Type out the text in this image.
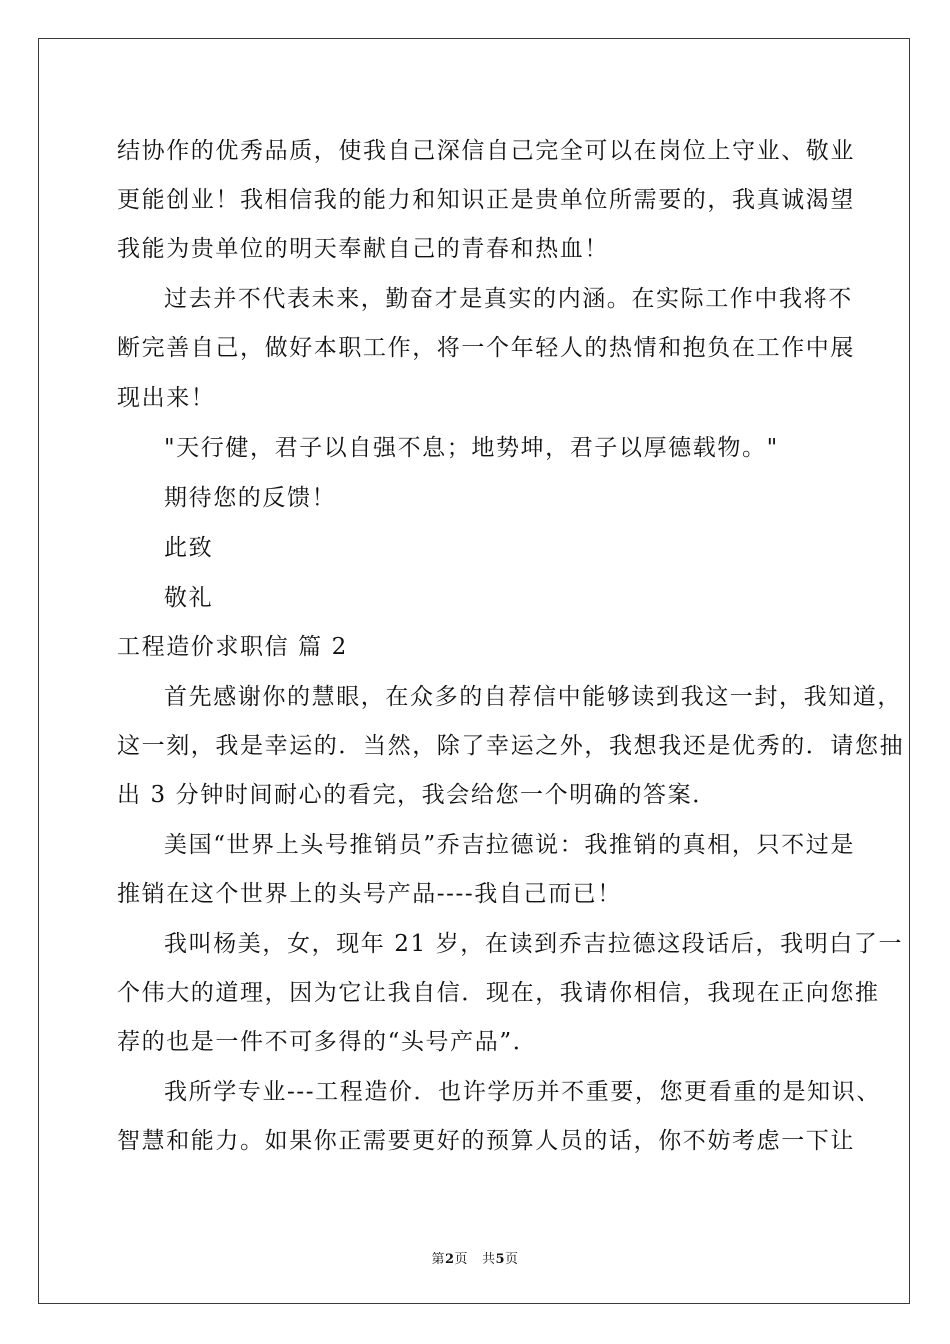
结协作的优秀品质，使我自己深信自己完全可以在岗位上守业、敬业
更能创业！我相信我的能力和知识正是贵单位所需要的，我真诚渴望
我能为贵单位的明天奉献自己的青春和热血！
过去并不代表未来，勤奋才是真实的内涵。在实际工作中我将不
断完善自己，做好本职工作，将一个年轻人的热情和抱负在工作中展
现出来！
"天行健，君子以自强不息；地势坤，君子以厚德载物。"
期待您的反馈！
此致
敬礼
工程造价求职信 篇 2
首先感谢你的慧眼，在众多的自荐信中能够读到我这一封，我知道，
这一刻，我是幸运的．当然，除了幸运之外，我想我还是优秀的．请您抽
出 3 分钟时间耐心的看完，我会给您一个明确的答案．
美国“世界上头号推销员”乔吉拉德说：我推销的真相，只不过是
推销在这个世界上的头号产品----我自己而已！
我叫杨美，女，现年 21 岁，在读到乔吉拉德这段话后，我明白了一
个伟大的道理，因为它让我自信．现在，我请你相信，我现在正向您推
荐的也是一件不可多得的“头号产品”．
我所学专业---工程造价．也许学历并不重要，您更看重的是知识、
智慧和能力。如果你正需要更好的预算人员的话，你不妨考虑一下让
第2页 共5页
